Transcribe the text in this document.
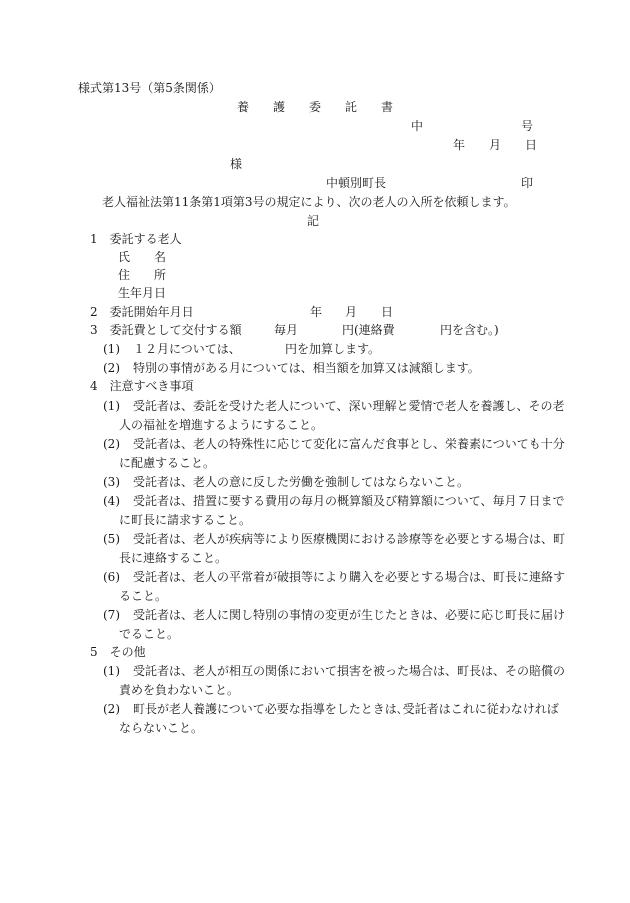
様式第13号（第5条関係）
養　　護　　委　　託　　書
中	号
年　　月　　日
様
中頓別町長	印
老人福祉法第11条第1項第3号の規定により、次の老人の入所を依頼します。
記
1　委託する老人
氏　　名
住　　所
生年月日
2　委託開始年月日	年 月 日
3　委託費として交付する額	毎月	円(連絡費	円を含む。)
(1) １２月については、	円を加算します。
(2) 特別の事情がある月については、相当額を加算又は減額します。
4　注意すべき事項
(1) 受託者は、委託を受けた老人について、深い理解と愛情で老人を養護し、その老
人の福祉を増進するようにすること。
(2) 受託者は、老人の特殊性に応じて変化に富んだ食事とし、栄養素についても十分
に配慮すること。
(3) 受託者は、老人の意に反した労働を強制してはならないこと。
(4) 受託者は、措置に要する費用の毎月の概算額及び精算額について、毎月７日まで
に町長に請求すること。
(5) 受託者は、老人が疾病等により医療機関における診療等を必要とする場合は、町
長に連絡すること。
(6) 受託者は、老人の平常着が破損等により購入を必要とする場合は、町長に連絡す
ること。
(7) 受託者は、老人に関し特別の事情の変更が生じたときは、必要に応じ町長に届け
でること。
5　その他
(1) 受託者は、老人が相互の関係において損害を被った場合は、町長は、その賠償の
責めを負わないこと。
(2) 町長が老人養護について必要な指導をしたときは､受託者はこれに従わなければ
ならないこと。
